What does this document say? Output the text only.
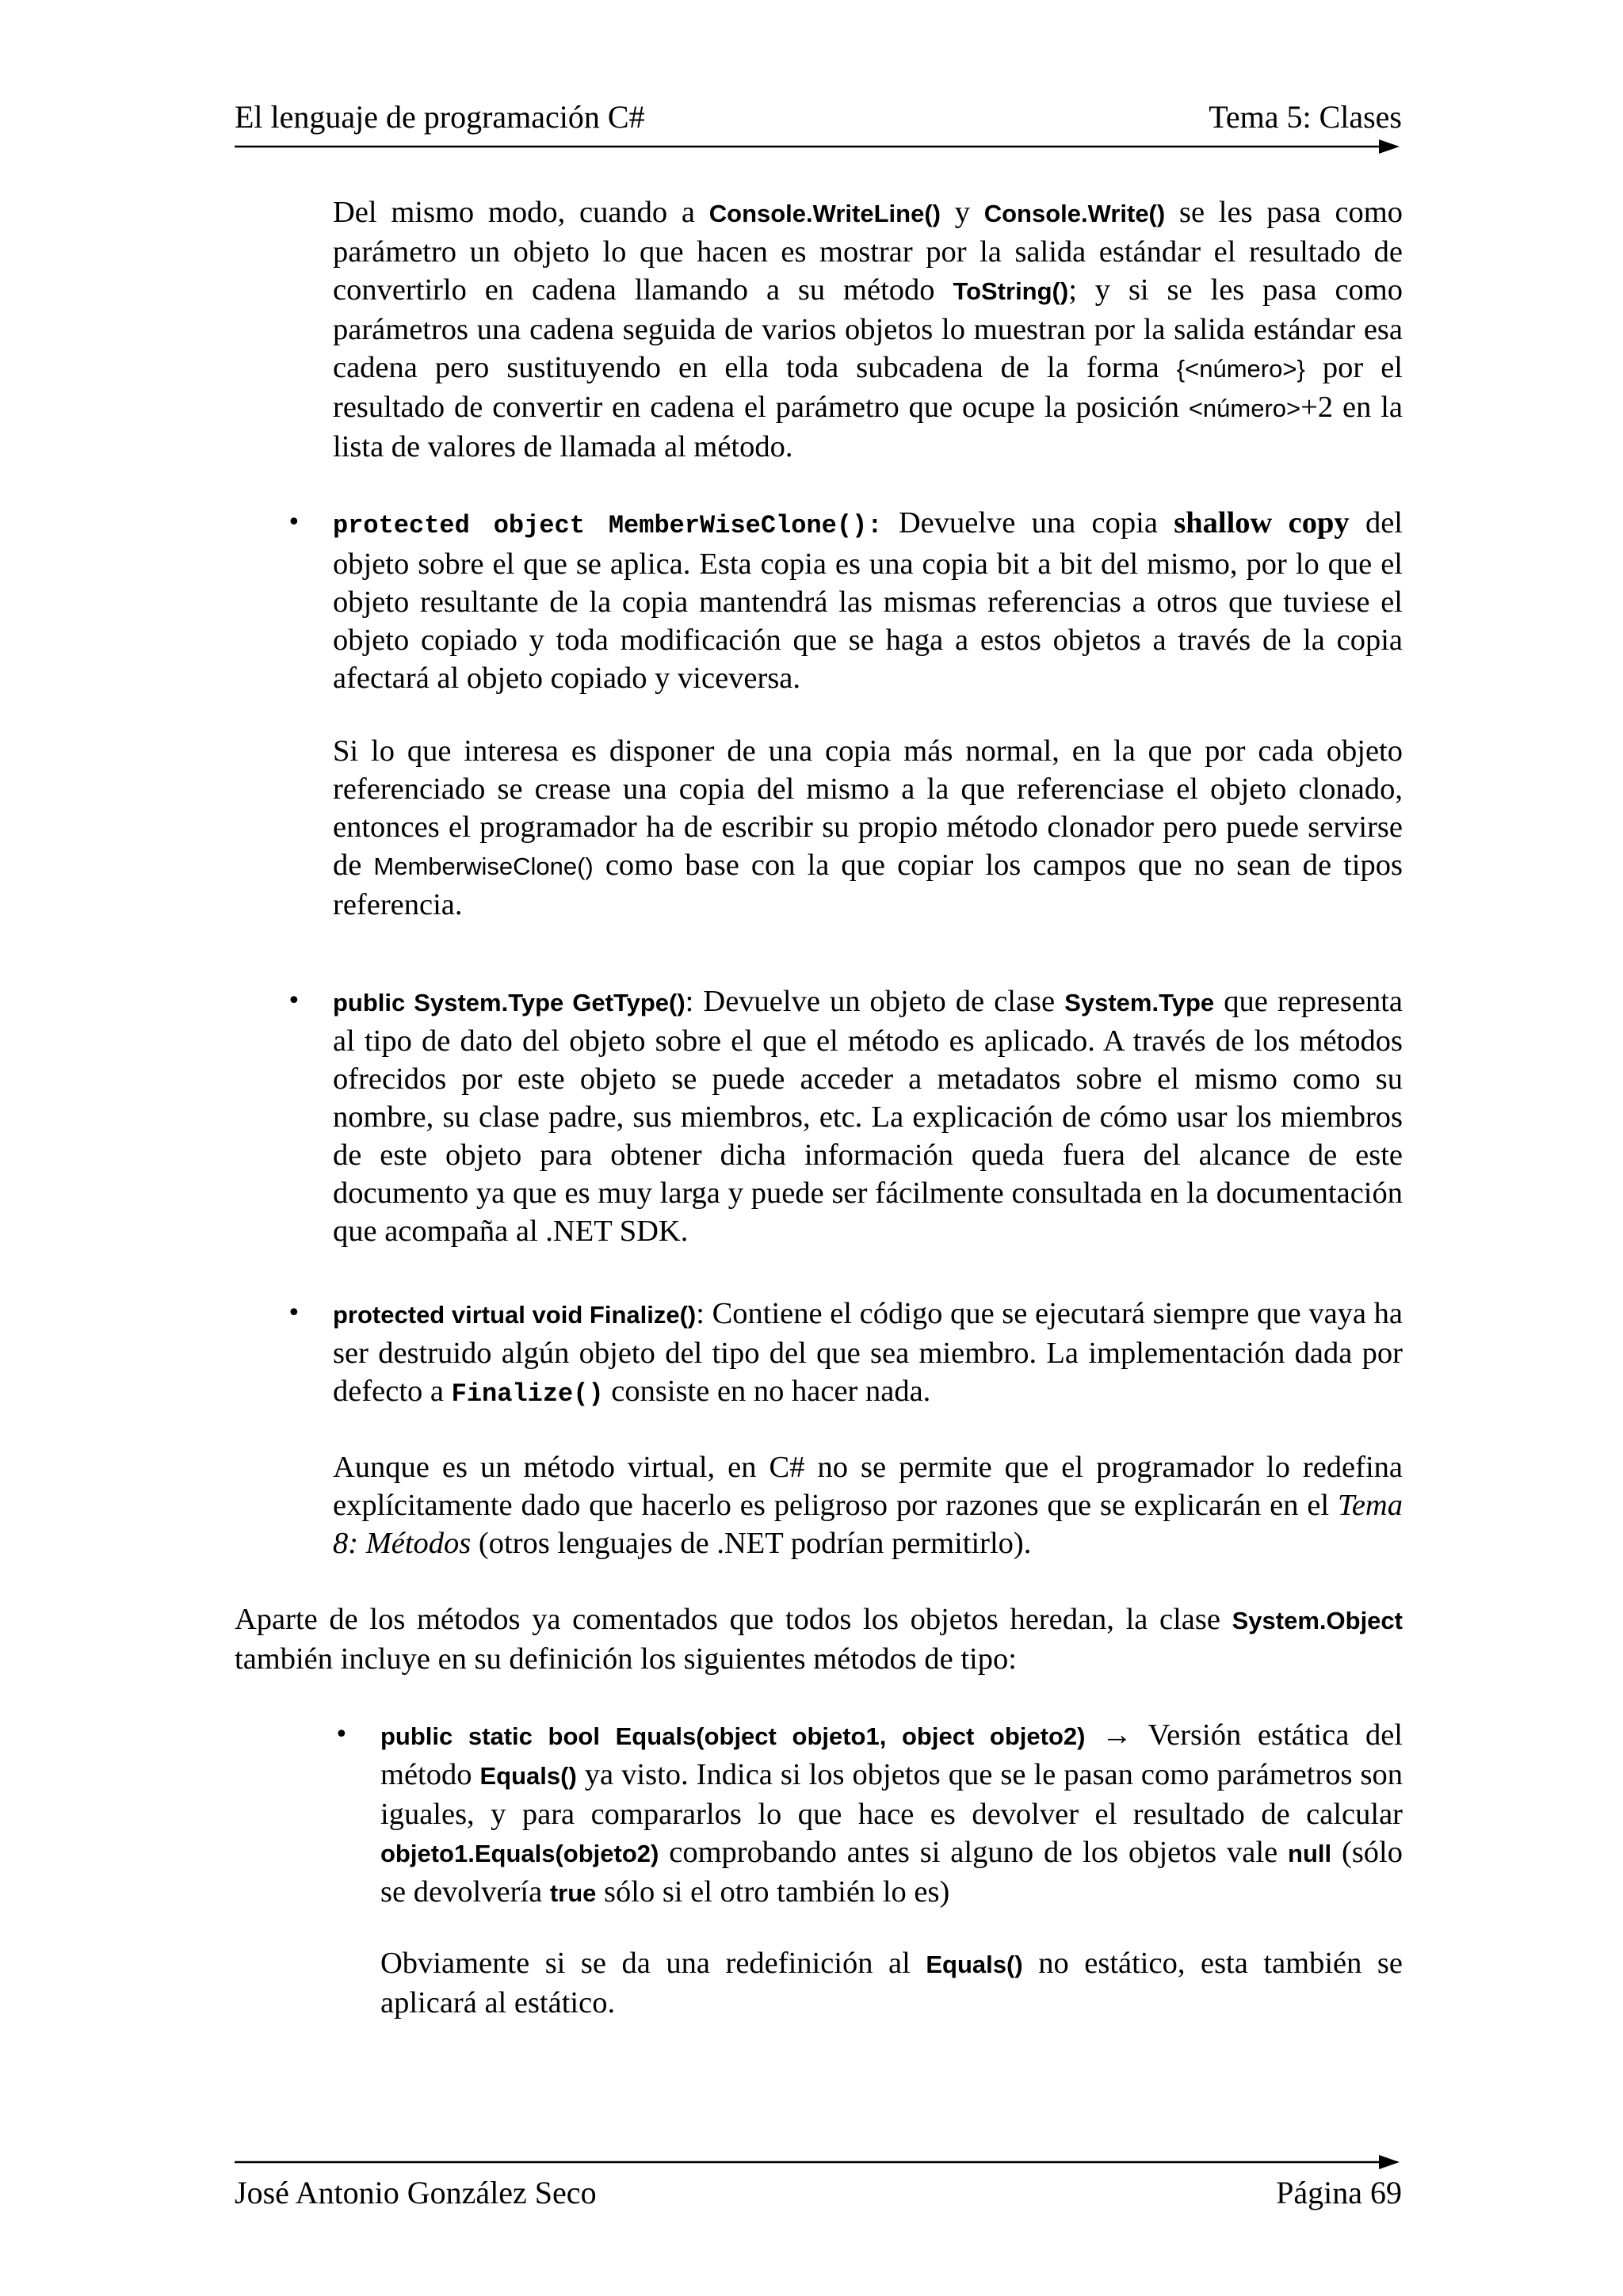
El lenguaje de programación C#	Tema 5: Clases
Del mismo modo, cuando a Console.WriteLine() y Console.Write() se les pasa como parámetro un objeto lo que hacen es mostrar por la salida estándar el resultado de convertirlo en cadena llamando a su método ToString(); y si se les pasa como parámetros una cadena seguida de varios objetos lo muestran por la salida estándar esa cadena pero sustituyendo en ella toda subcadena de la forma {<número>} por el resultado de convertir en cadena el parámetro que ocupe la posición <número>+2 en la lista de valores de llamada al método.
• protected object MemberWiseClone(): Devuelve una copia shallow copy del objeto sobre el que se aplica. Esta copia es una copia bit a bit del mismo, por lo que el objeto resultante de la copia mantendrá las mismas referencias a otros que tuviese el objeto copiado y toda modificación que se haga a estos objetos a través de la copia afectará al objeto copiado y viceversa.
Si lo que interesa es disponer de una copia más normal, en la que por cada objeto referenciado se crease una copia del mismo a la que referenciase el objeto clonado, entonces el programador ha de escribir su propio método clonador pero puede servirse de MemberwiseClone() como base con la que copiar los campos que no sean de tipos referencia.
• public System.Type GetType(): Devuelve un objeto de clase System.Type que representa al tipo de dato del objeto sobre el que el método es aplicado. A través de los métodos ofrecidos por este objeto se puede acceder a metadatos sobre el mismo como su nombre, su clase padre, sus miembros, etc. La explicación de cómo usar los miembros de este objeto para obtener dicha información queda fuera del alcance de este documento ya que es muy larga y puede ser fácilmente consultada en la documentación que acompaña al .NET SDK.
• protected virtual void Finalize(): Contiene el código que se ejecutará siempre que vaya ha ser destruido algún objeto del tipo del que sea miembro. La implementación dada por defecto a Finalize() consiste en no hacer nada.
Aunque es un método virtual, en C# no se permite que el programador lo redefina explícitamente dado que hacerlo es peligroso por razones que se explicarán en el Tema 8: Métodos (otros lenguajes de .NET podrían permitirlo).
Aparte de los métodos ya comentados que todos los objetos heredan, la clase System.Object también incluye en su definición los siguientes métodos de tipo:
• public static bool Equals(object objeto1, object objeto2) → Versión estática del método Equals() ya visto. Indica si los objetos que se le pasan como parámetros son iguales, y para compararlos lo que hace es devolver el resultado de calcular objeto1.Equals(objeto2) comprobando antes si alguno de los objetos vale null (sólo se devolvería true sólo si el otro también lo es)
Obviamente si se da una redefinición al Equals() no estático, esta también se aplicará al estático.
José Antonio González Seco	Página 69
